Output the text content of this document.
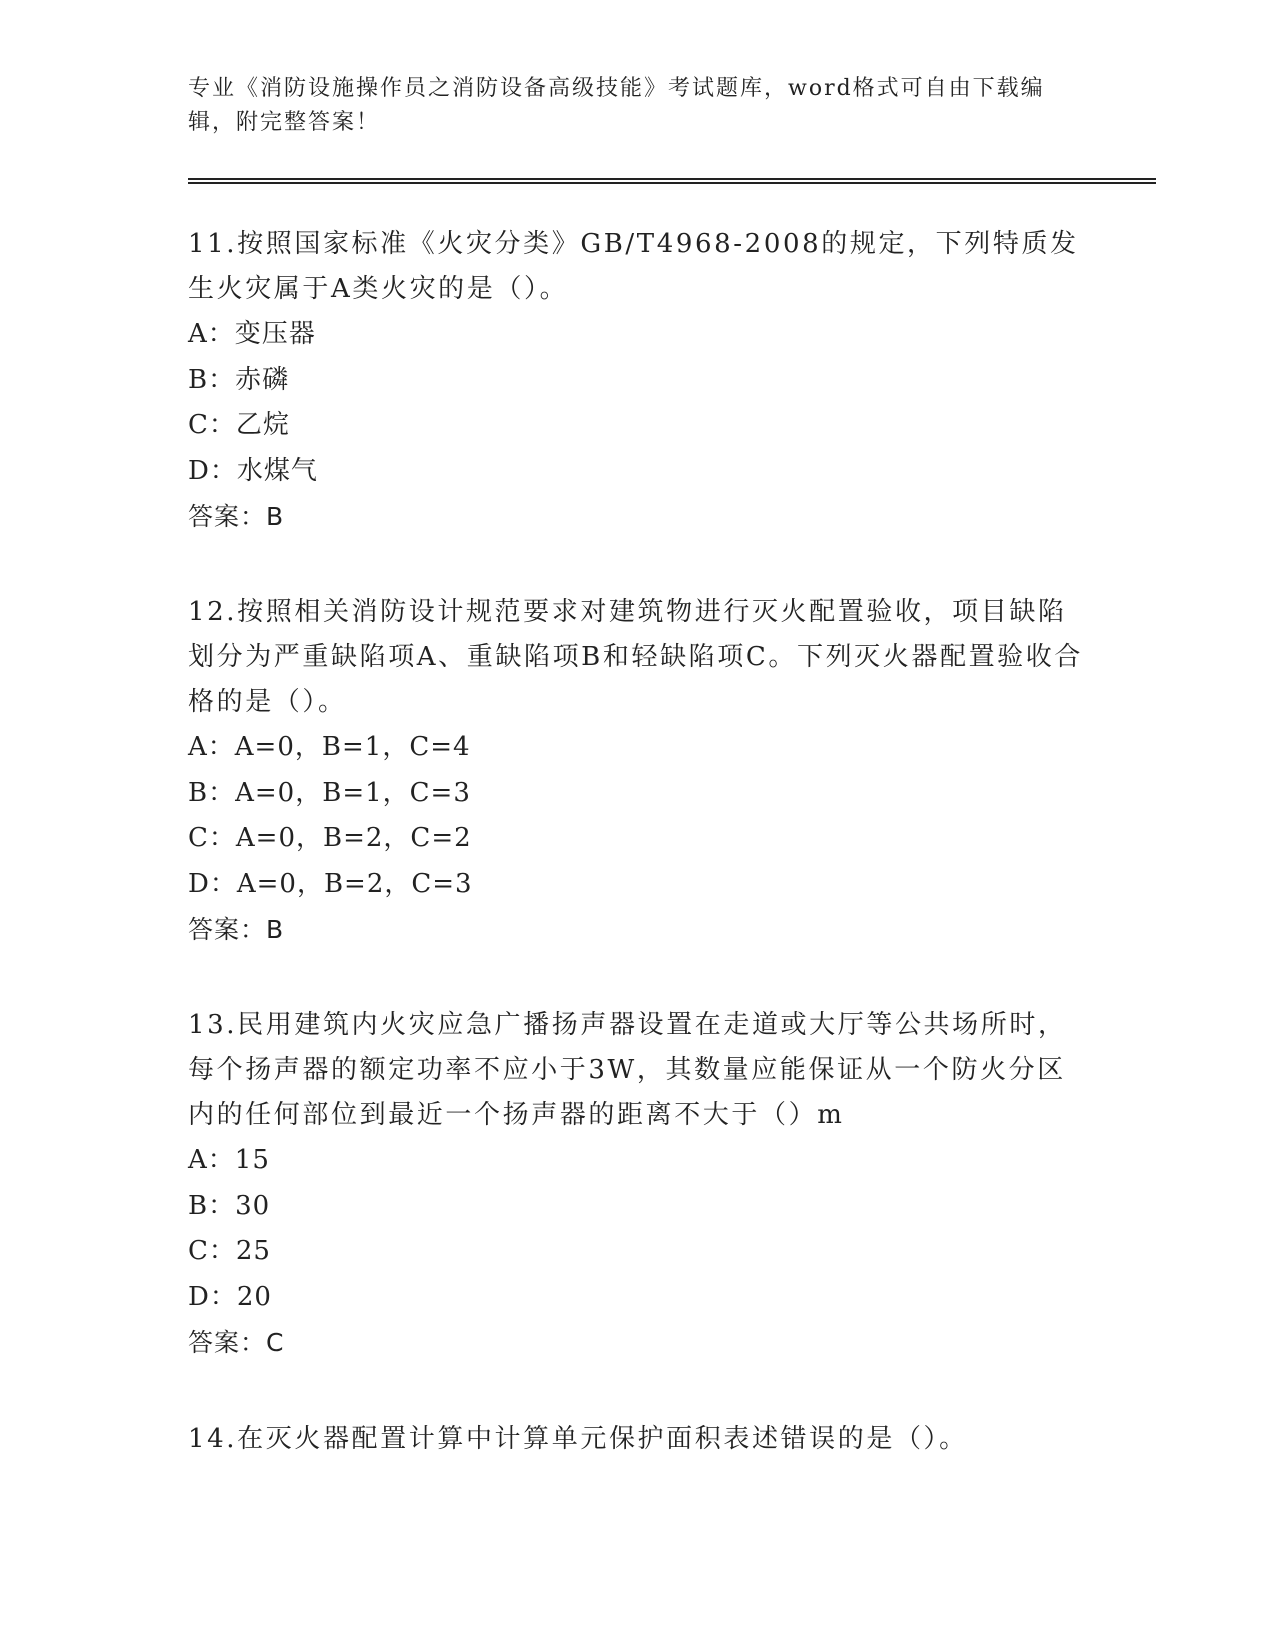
专业《消防设施操作员之消防设备高级技能》考试题库，word格式可自由下载编辑，附完整答案！
11.按照国家标准《火灾分类》GB/T4968-2008的规定，下列特质发生火灾属于A类火灾的是（）。
A：变压器
B：赤磷
C：乙烷
D：水煤气
答案：B
12.按照相关消防设计规范要求对建筑物进行灭火配置验收，项目缺陷划分为严重缺陷项A、重缺陷项B和轻缺陷项C。下列灭火器配置验收合格的是（）。
A：A=0，B=1，C=4
B：A=0，B=1，C=3
C：A=0，B=2，C=2
D：A=0，B=2，C=3
答案：B
13.民用建筑内火灾应急广播扬声器设置在走道或大厅等公共场所时，每个扬声器的额定功率不应小于3W，其数量应能保证从一个防火分区内的任何部位到最近一个扬声器的距离不大于（）m
A：15
B：30
C：25
D：20
答案：C
14.在灭火器配置计算中计算单元保护面积表述错误的是（）。
